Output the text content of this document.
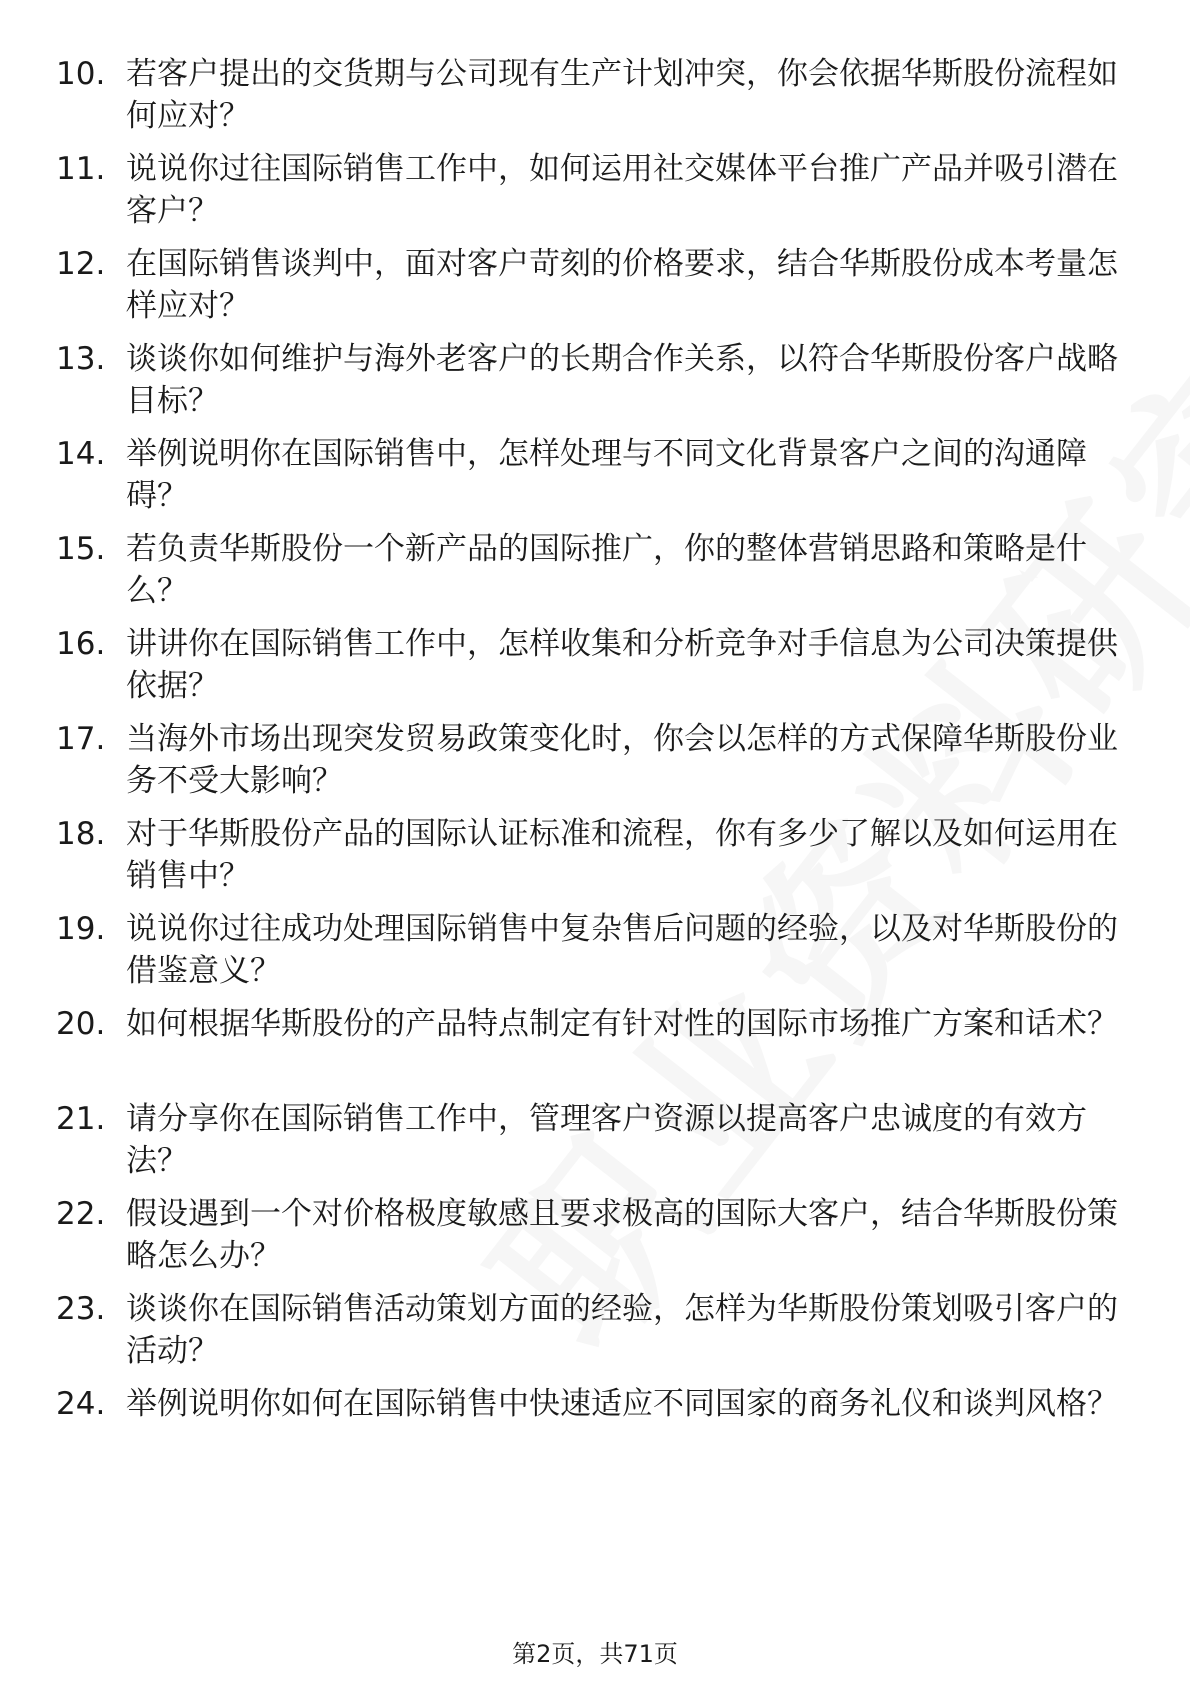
10. 若客户提出的交货期与公司现有生产计划冲突，你会依据华斯股份流程如何应对？
11. 说说你过往国际销售工作中，如何运用社交媒体平台推广产品并吸引潜在客户？
12. 在国际销售谈判中，面对客户苛刻的价格要求，结合华斯股份成本考量怎样应对？
13. 谈谈你如何维护与海外老客户的长期合作关系，以符合华斯股份客户战略目标？
14. 举例说明你在国际销售中，怎样处理与不同文化背景客户之间的沟通障碍？
15. 若负责华斯股份一个新产品的国际推广，你的整体营销思路和策略是什么？
16. 讲讲你在国际销售工作中，怎样收集和分析竞争对手信息为公司决策提供依据？
17. 当海外市场出现突发贸易政策变化时，你会以怎样的方式保障华斯股份业务不受大影响？
18. 对于华斯股份产品的国际认证标准和流程，你有多少了解以及如何运用在销售中？
19. 说说你过往成功处理国际销售中复杂售后问题的经验，以及对华斯股份的借鉴意义？
20. 如何根据华斯股份的产品特点制定有针对性的国际市场推广方案和话术？
21. 请分享你在国际销售工作中，管理客户资源以提高客户忠诚度的有效方法？
22. 假设遇到一个对价格极度敏感且要求极高的国际大客户，结合华斯股份策略怎么办？
23. 谈谈你在国际销售活动策划方面的经验，怎样为华斯股份策划吸引客户的活动？
24. 举例说明你如何在国际销售中快速适应不同国家的商务礼仪和谈判风格？
第2页，共71页
